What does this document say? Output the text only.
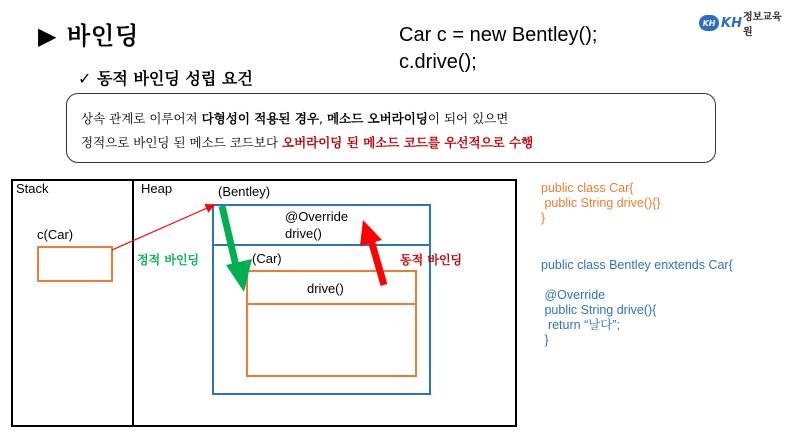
▶ 바인딩
✓ 동적 바인딩 성립 요건
Car c = new Bentley();
c.drive();
KH KH 정보교육원
상속 관계로 이루어져 다형성이 적용된 경우, 메소드 오버라이딩이 되어 있으면
정적으로 바인딩 된 메소드 코드보다 오버라이딩 된 메소드 코드를 우선적으로 수행
Stack	Heap
c(Car)
(Bentley)
@Override
drive()
(Car)
drive()
정적 바인딩	동적 바인딩
public class Car{
public String drive(){}
}
public class Bentley enxtends Car{
@Override
public String drive(){
return “날다”;
}
